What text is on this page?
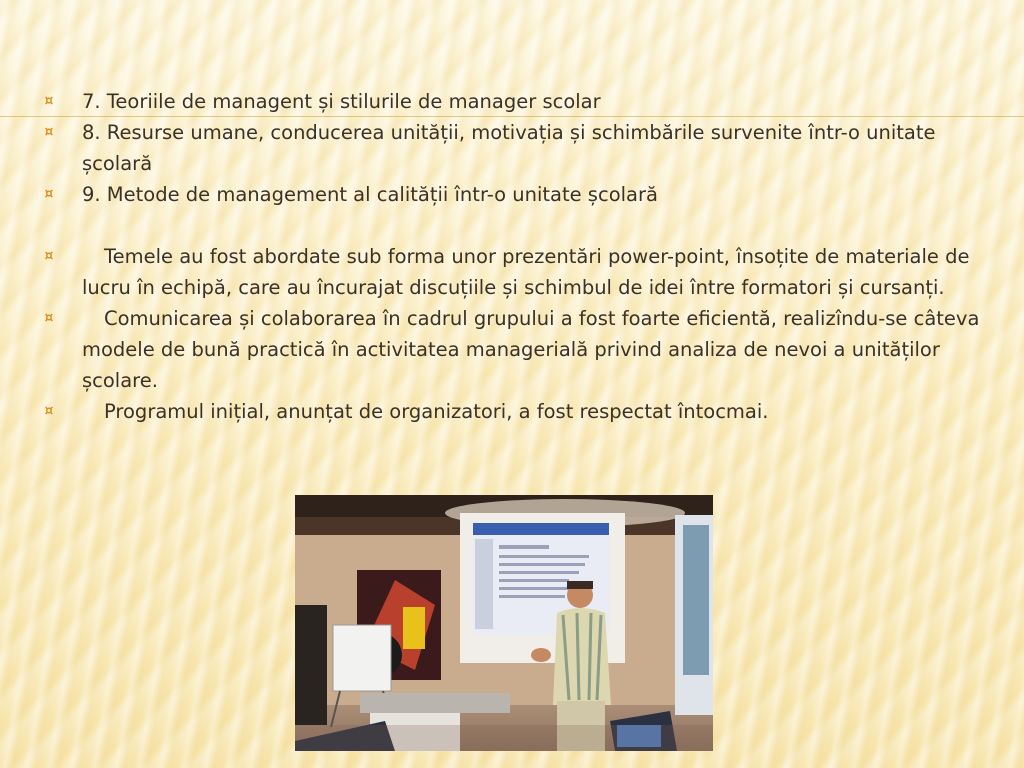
¤ 7. Teoriile de managent și stilurile de manager scolar
¤ 8. Resurse umane, conducerea unității, motivația și schimbările survenite într-o unitate școlară
¤ 9. Metode de management al calității într-o unitate școlară
¤	Temele au fost abordate sub forma unor prezentări power-point, însoțite de materiale de lucru în echipă, care au încurajat discuțiile și schimbul de idei între formatori și cursanți.
¤	Comunicarea și colaborarea în cadrul grupului a fost foarte eficientă, realizîndu-se câteva modele de bună practică în activitatea managerială privind analiza de nevoi a unităților școlare.
¤	Programul inițial, anunțat de organizatori, a fost respectat întocmai.
